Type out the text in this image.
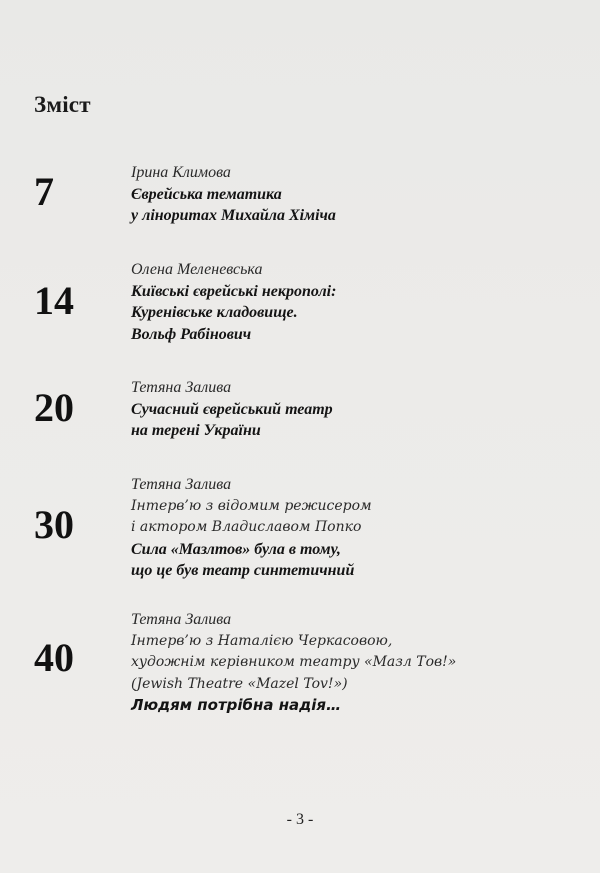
Зміст
7	Ірина Климова
Єврейська тематика
у ліноритах Михайла Хіміча
14
Олена Меленевська
Київські єврейські некрополі:
Куренівське кладовище.
Вольф Рабінович
20	Тетяна Залива
Сучасний єврейський театр
на терені України
30
Тетяна Залива
Інтерв’ю з відомим режисером
і актором Владиславом Попко
Сила «Мазлтов» була в тому,
що це був театр синтетичний
40
Тетяна Залива
Інтерв’ю з Наталією Черкасовою,
художнім керівником театру «Мазл Тов!»
(Jewish Theatre «Mazel Tov!»)
Людям потрібна надія…
- 3 -
